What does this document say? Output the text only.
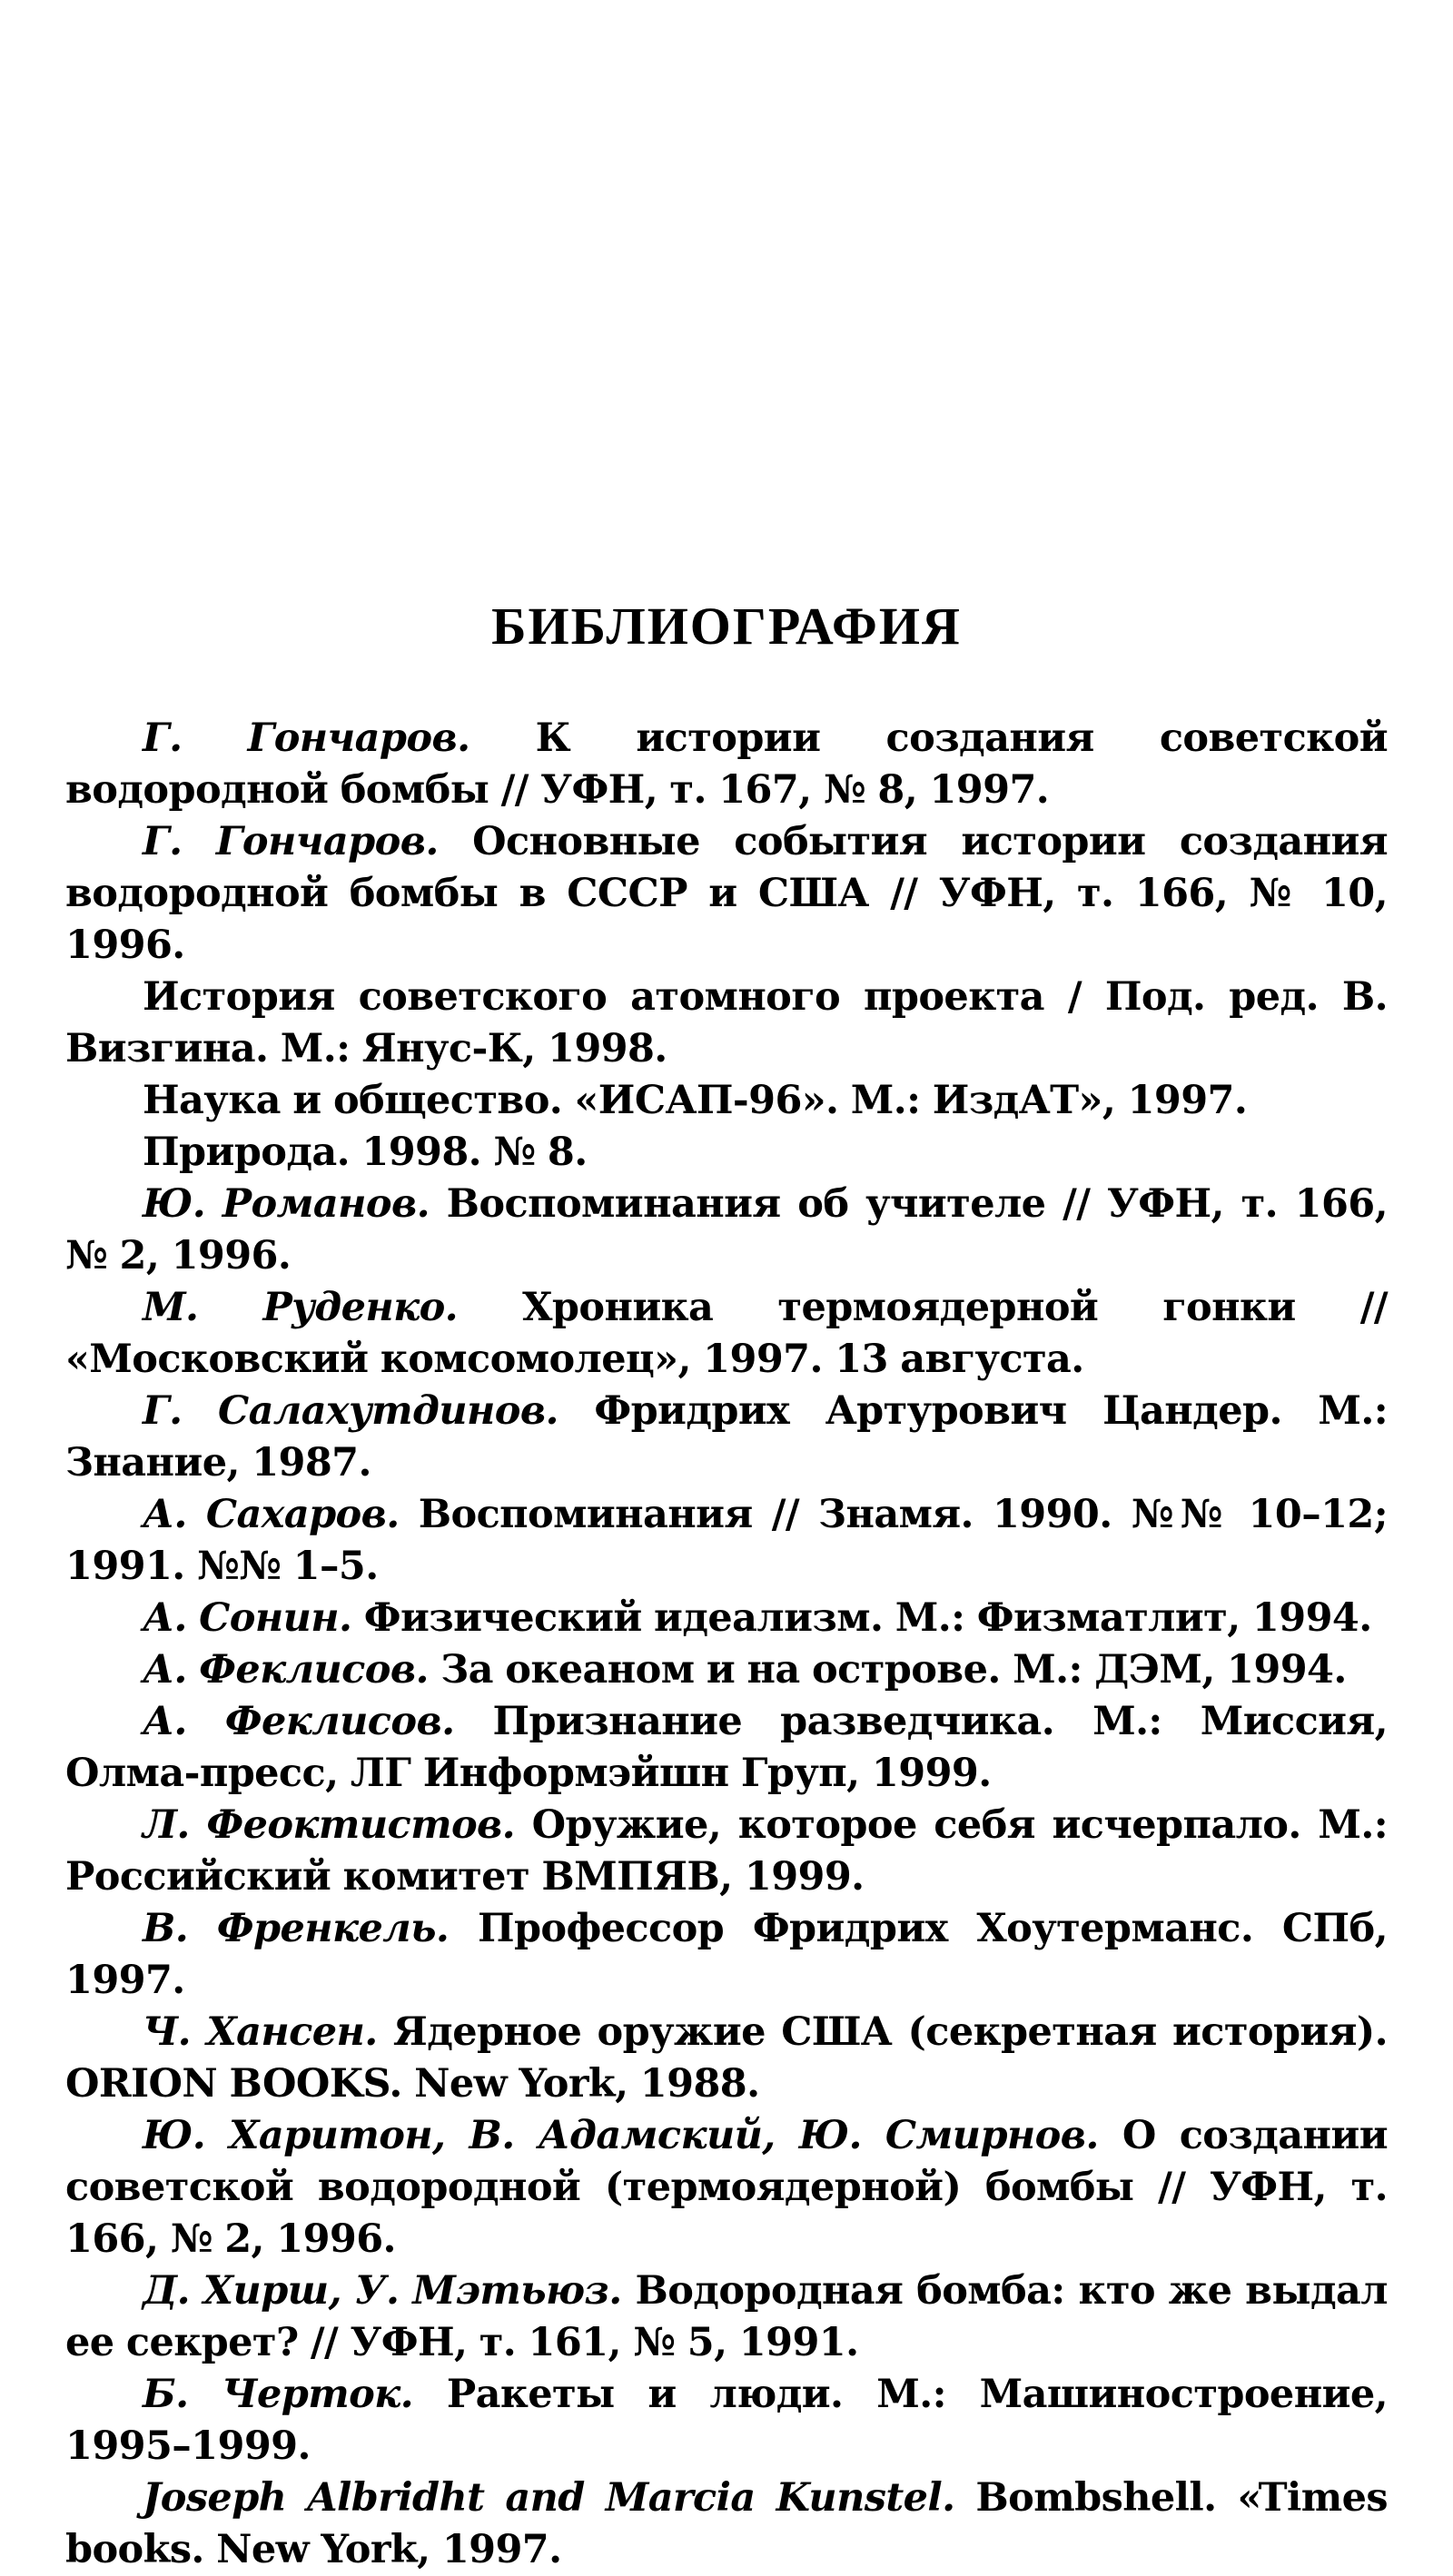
БИБЛИОГРАФИЯ
Г. Гончаров. К истории создания советской водородной бомбы // УФН, т. 167, № 8, 1997.
Г. Гончаров. Основные события истории создания водородной бомбы в СССР и США // УФН, т. 166, № 10, 1996.
История советского атомного проекта / Под. ред. В. Визгина. М.: Янус-К, 1998.
Наука и общество. «ИСАП-96». М.: ИздАТ», 1997.
Природа. 1998. № 8.
Ю. Романов. Воспоминания об учителе // УФН, т. 166, № 2, 1996.
М. Руденко. Хроника термоядерной гонки // «Московский комсомолец», 1997. 13 августа.
Г. Салахутдинов. Фридрих Артурович Цандер. М.: Знание, 1987.
А. Сахаров. Воспоминания // Знамя. 1990. №№ 10–12; 1991. №№ 1–5.
А. Сонин. Физический идеализм. М.: Физматлит, 1994.
А. Феклисов. За океаном и на острове. М.: ДЭМ, 1994.
А. Феклисов. Признание разведчика. М.: Миссия, Олма-пресс, ЛГ Информэйшн Груп, 1999.
Л. Феоктистов. Оружие, которое себя исчерпало. М.: Российский комитет ВМПЯВ, 1999.
В. Френкель. Профессор Фридрих Хоутерманс. СПб, 1997.
Ч. Хансен. Ядерное оружие США (секретная история). ORION BOOKS. New York, 1988.
Ю. Харитон, В. Адамский, Ю. Смирнов. О создании советской водородной (термоядерной) бомбы // УФН, т. 166, № 2, 1996.
Д. Хирш, У. Мэтьюз. Водородная бомба: кто же выдал ее секрет? // УФН, т. 161, № 5, 1991.
Б. Черток. Ракеты и люди. М.: Машиностроение, 1995–1999.
Joseph Albridht and Marcia Kunstel. Bombshell. «Times books. New York, 1997.
